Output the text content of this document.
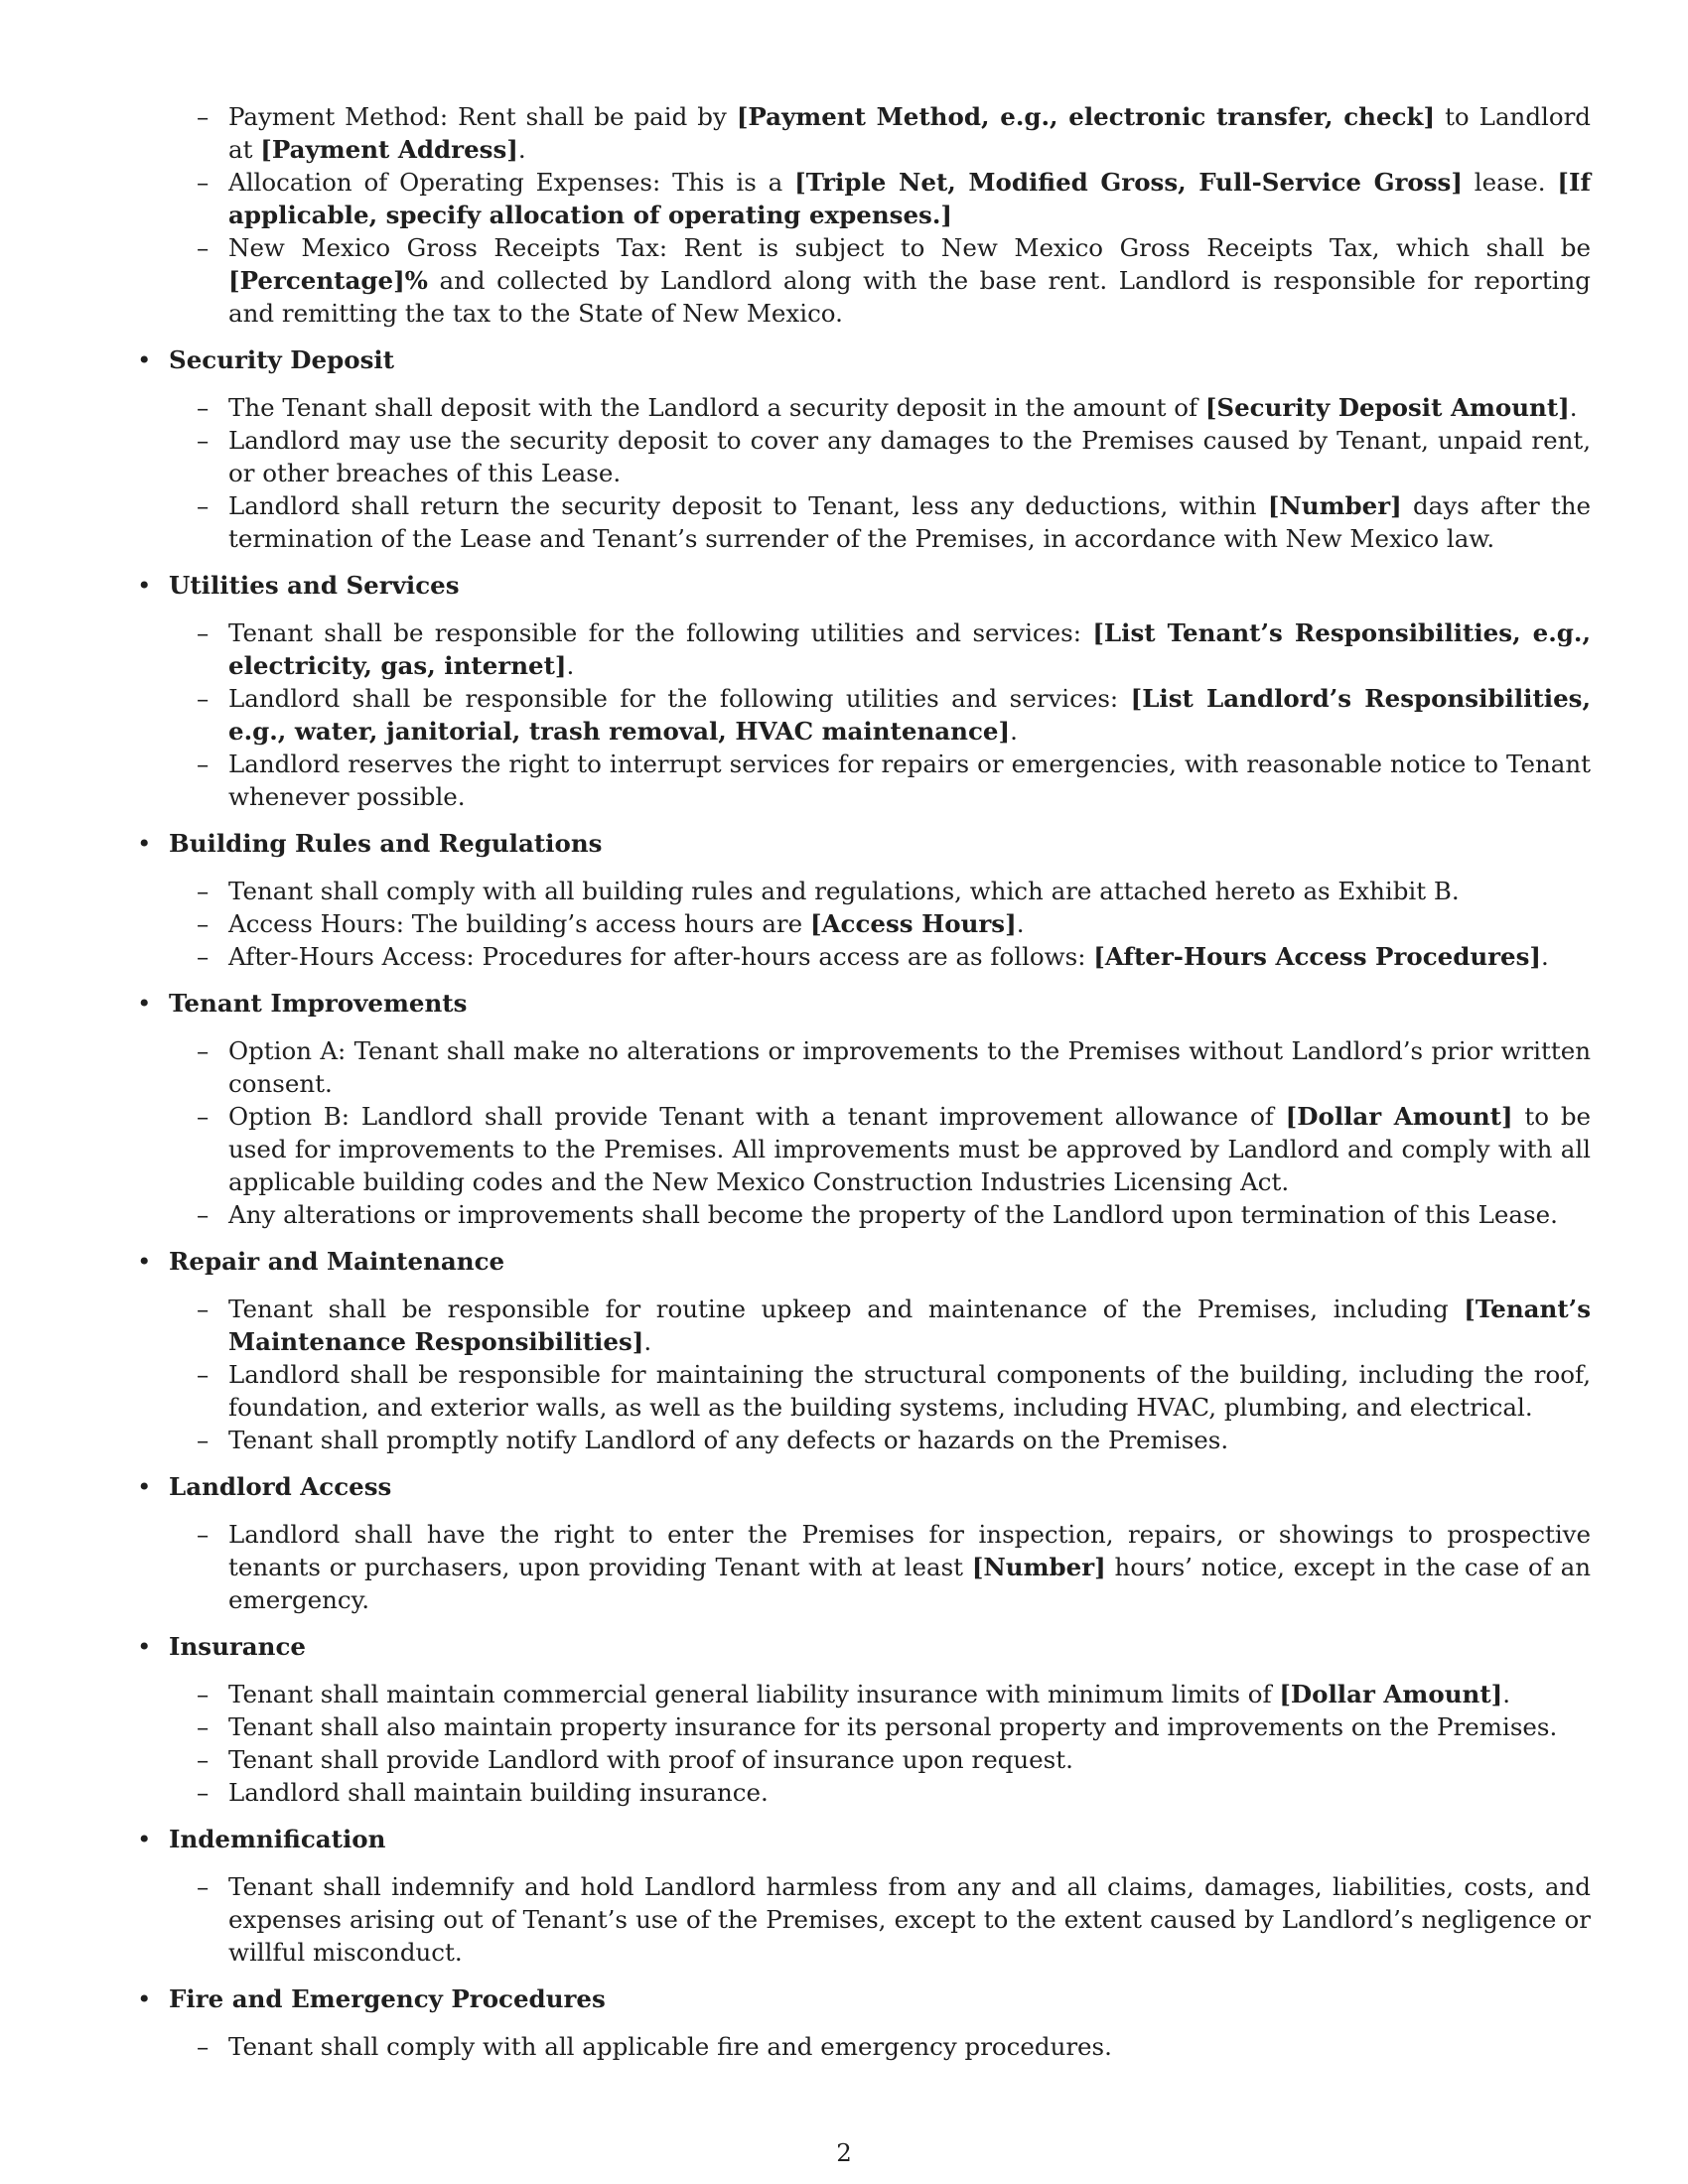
– Payment Method: Rent shall be paid by [Payment Method, e.g., electronic transfer, check] to Landlord at [Payment Address].
– Allocation of Operating Expenses: This is a [Triple Net, Modified Gross, Full-Service Gross] lease. [If applicable, specify allocation of operating expenses.]
– New Mexico Gross Receipts Tax: Rent is subject to New Mexico Gross Receipts Tax, which shall be [Percentage]% and collected by Landlord along with the base rent. Landlord is responsible for reporting and remitting the tax to the State of New Mexico.
• Security Deposit
– The Tenant shall deposit with the Landlord a security deposit in the amount of [Security Deposit Amount].
– Landlord may use the security deposit to cover any damages to the Premises caused by Tenant, unpaid rent, or other breaches of this Lease.
– Landlord shall return the security deposit to Tenant, less any deductions, within [Number] days after the termination of the Lease and Tenant’s surrender of the Premises, in accordance with New Mexico law.
• Utilities and Services
– Tenant shall be responsible for the following utilities and services: [List Tenant’s Responsibilities, e.g., electricity, gas, internet].
– Landlord shall be responsible for the following utilities and services: [List Landlord’s Responsibilities, e.g., water, janitorial, trash removal, HVAC maintenance].
– Landlord reserves the right to interrupt services for repairs or emergencies, with reasonable notice to Tenant whenever possible.
• Building Rules and Regulations
– Tenant shall comply with all building rules and regulations, which are attached hereto as Exhibit B.
– Access Hours: The building’s access hours are [Access Hours].
– After-Hours Access: Procedures for after-hours access are as follows: [After-Hours Access Procedures].
• Tenant Improvements
– Option A: Tenant shall make no alterations or improvements to the Premises without Landlord’s prior written consent.
– Option B: Landlord shall provide Tenant with a tenant improvement allowance of [Dollar Amount] to be used for improvements to the Premises. All improvements must be approved by Landlord and comply with all applicable building codes and the New Mexico Construction Industries Licensing Act.
– Any alterations or improvements shall become the property of the Landlord upon termination of this Lease.
• Repair and Maintenance
– Tenant shall be responsible for routine upkeep and maintenance of the Premises, including [Tenant’s Maintenance Responsibilities].
– Landlord shall be responsible for maintaining the structural components of the building, including the roof, foundation, and exterior walls, as well as the building systems, including HVAC, plumbing, and electrical.
– Tenant shall promptly notify Landlord of any defects or hazards on the Premises.
• Landlord Access
– Landlord shall have the right to enter the Premises for inspection, repairs, or showings to prospective tenants or purchasers, upon providing Tenant with at least [Number] hours’ notice, except in the case of an emergency.
• Insurance
– Tenant shall maintain commercial general liability insurance with minimum limits of [Dollar Amount].
– Tenant shall also maintain property insurance for its personal property and improvements on the Premises.
– Tenant shall provide Landlord with proof of insurance upon request.
– Landlord shall maintain building insurance.
• Indemnification
– Tenant shall indemnify and hold Landlord harmless from any and all claims, damages, liabilities, costs, and expenses arising out of Tenant’s use of the Premises, except to the extent caused by Landlord’s negligence or willful misconduct.
• Fire and Emergency Procedures
– Tenant shall comply with all applicable fire and emergency procedures.
2
